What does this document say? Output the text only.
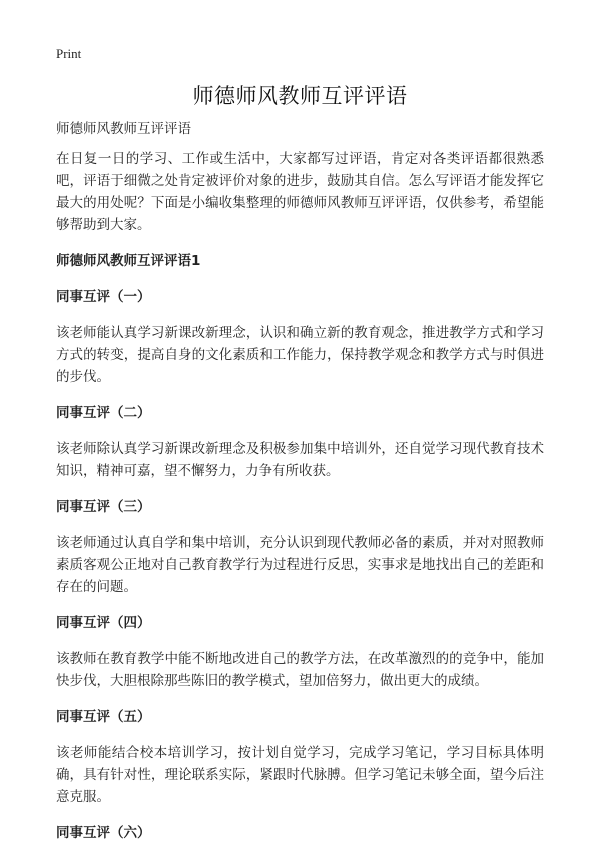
Print
师德师风教师互评评语

师德师风教师互评评语

在日复一日的学习、工作或生活中，大家都写过评语，肯定对各类评语都很熟悉吧，评语于细微之处肯定被评价对象的进步，鼓励其自信。怎么写评语才能发挥它最大的用处呢？下面是小编收集整理的师德师风教师互评评语，仅供参考，希望能够帮助到大家。

师德师风教师互评评语1

同事互评（一）

该老师能认真学习新课改新理念，认识和确立新的教育观念，推进教学方式和学习方式的转变，提高自身的文化素质和工作能力，保持教学观念和教学方式与时俱进的步伐。

同事互评（二）

该老师除认真学习新课改新理念及积极参加集中培训外，还自觉学习现代教育技术知识，精神可嘉，望不懈努力，力争有所收获。

同事互评（三）

该老师通过认真自学和集中培训，充分认识到现代教师必备的素质，并对对照教师素质客观公正地对自己教育教学行为过程进行反思，实事求是地找出自己的差距和存在的问题。

同事互评（四）

该教师在教育教学中能不断地改进自己的教学方法，在改革激烈的的竞争中，能加快步伐，大胆根除那些陈旧的教学模式，望加倍努力，做出更大的成绩。

同事互评（五）

该老师能结合校本培训学习，按计划自觉学习，完成学习笔记，学习目标具体明确，具有针对性，理论联系实际，紧跟时代脉膊。但学习笔记未够全面，望今后注意克服。

同事互评（六）
